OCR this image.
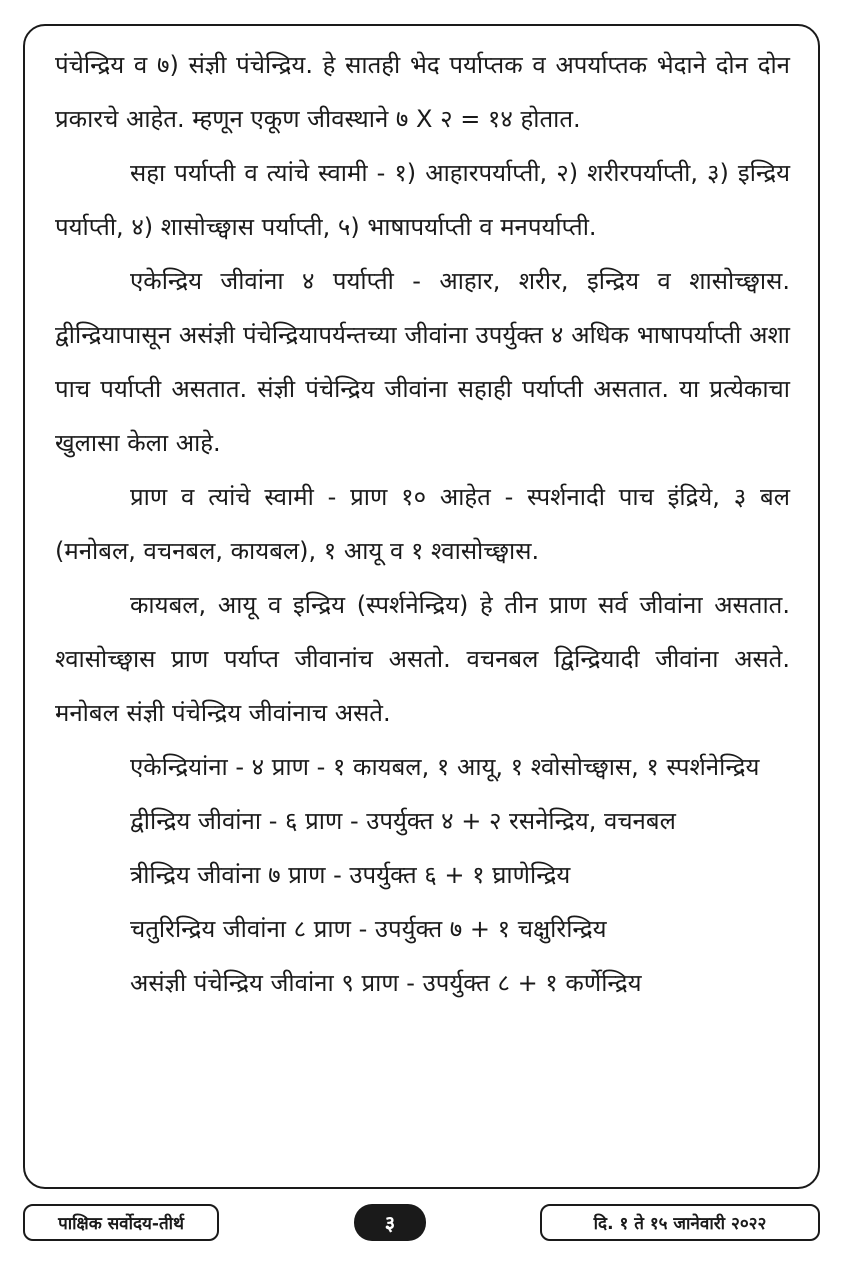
पंचेन्द्रिय व ७) संज्ञी पंचेन्द्रिय. हे सातही भेद पर्याप्तक व अपर्याप्तक भेदाने दोन दोन प्रकारचे आहेत. म्हणून एकूण जीवस्थाने ७ X २ = १४ होतात.

सहा पर्याप्ती व त्यांचे स्वामी - १) आहारपर्याप्ती, २) शरीरपर्याप्ती, ३) इन्द्रिय पर्याप्ती, ४) शासोच्छ्वास पर्याप्ती, ५) भाषापर्याप्ती व मनपर्याप्ती.

एकेन्द्रिय जीवांना ४ पर्याप्ती - आहार, शरीर, इन्द्रिय व शासोच्छ्वास. द्वीन्द्रियापासून असंज्ञी पंचेन्द्रियापर्यन्तच्या जीवांना उपर्युक्त ४ अधिक भाषापर्याप्ती अशा पाच पर्याप्ती असतात. संज्ञी पंचेन्द्रिय जीवांना सहाही पर्याप्ती असतात. या प्रत्येकाचा खुलासा केला आहे.

प्राण व त्यांचे स्वामी - प्राण १० आहेत - स्पर्शनादी पाच इंद्रिये, ३ बल (मनोबल, वचनबल, कायबल), १ आयू व १ श्वासोच्छ्वास.

कायबल, आयू व इन्द्रिय (स्पर्शनेन्द्रिय) हे तीन प्राण सर्व जीवांना असतात. श्वासोच्छ्वास प्राण पर्याप्त जीवानांच असतो. वचनबल द्विन्द्रियादी जीवांना असते. मनोबल संज्ञी पंचेन्द्रिय जीवांनाच असते.

एकेन्द्रियांना - ४ प्राण - १ कायबल, १ आयू, १ श्वोसोच्छ्वास, १ स्पर्शनेन्द्रिय

द्वीन्द्रिय जीवांना - ६ प्राण - उपर्युक्त ४ + २ रसनेन्द्रिय, वचनबल

त्रीन्द्रिय जीवांना ७ प्राण - उपर्युक्त ६ + १ घ्राणेन्द्रिय

चतुरिन्द्रिय जीवांना ८ प्राण - उपर्युक्त ७ + १ चक्षुरिन्द्रिय

असंज्ञी पंचेन्द्रिय जीवांना ९ प्राण - उपर्युक्त ८ + १ कर्णेन्द्रिय

पाक्षिक सर्वोदय-तीर्थ	३	दि. १ ते १५ जानेवारी २०२२
